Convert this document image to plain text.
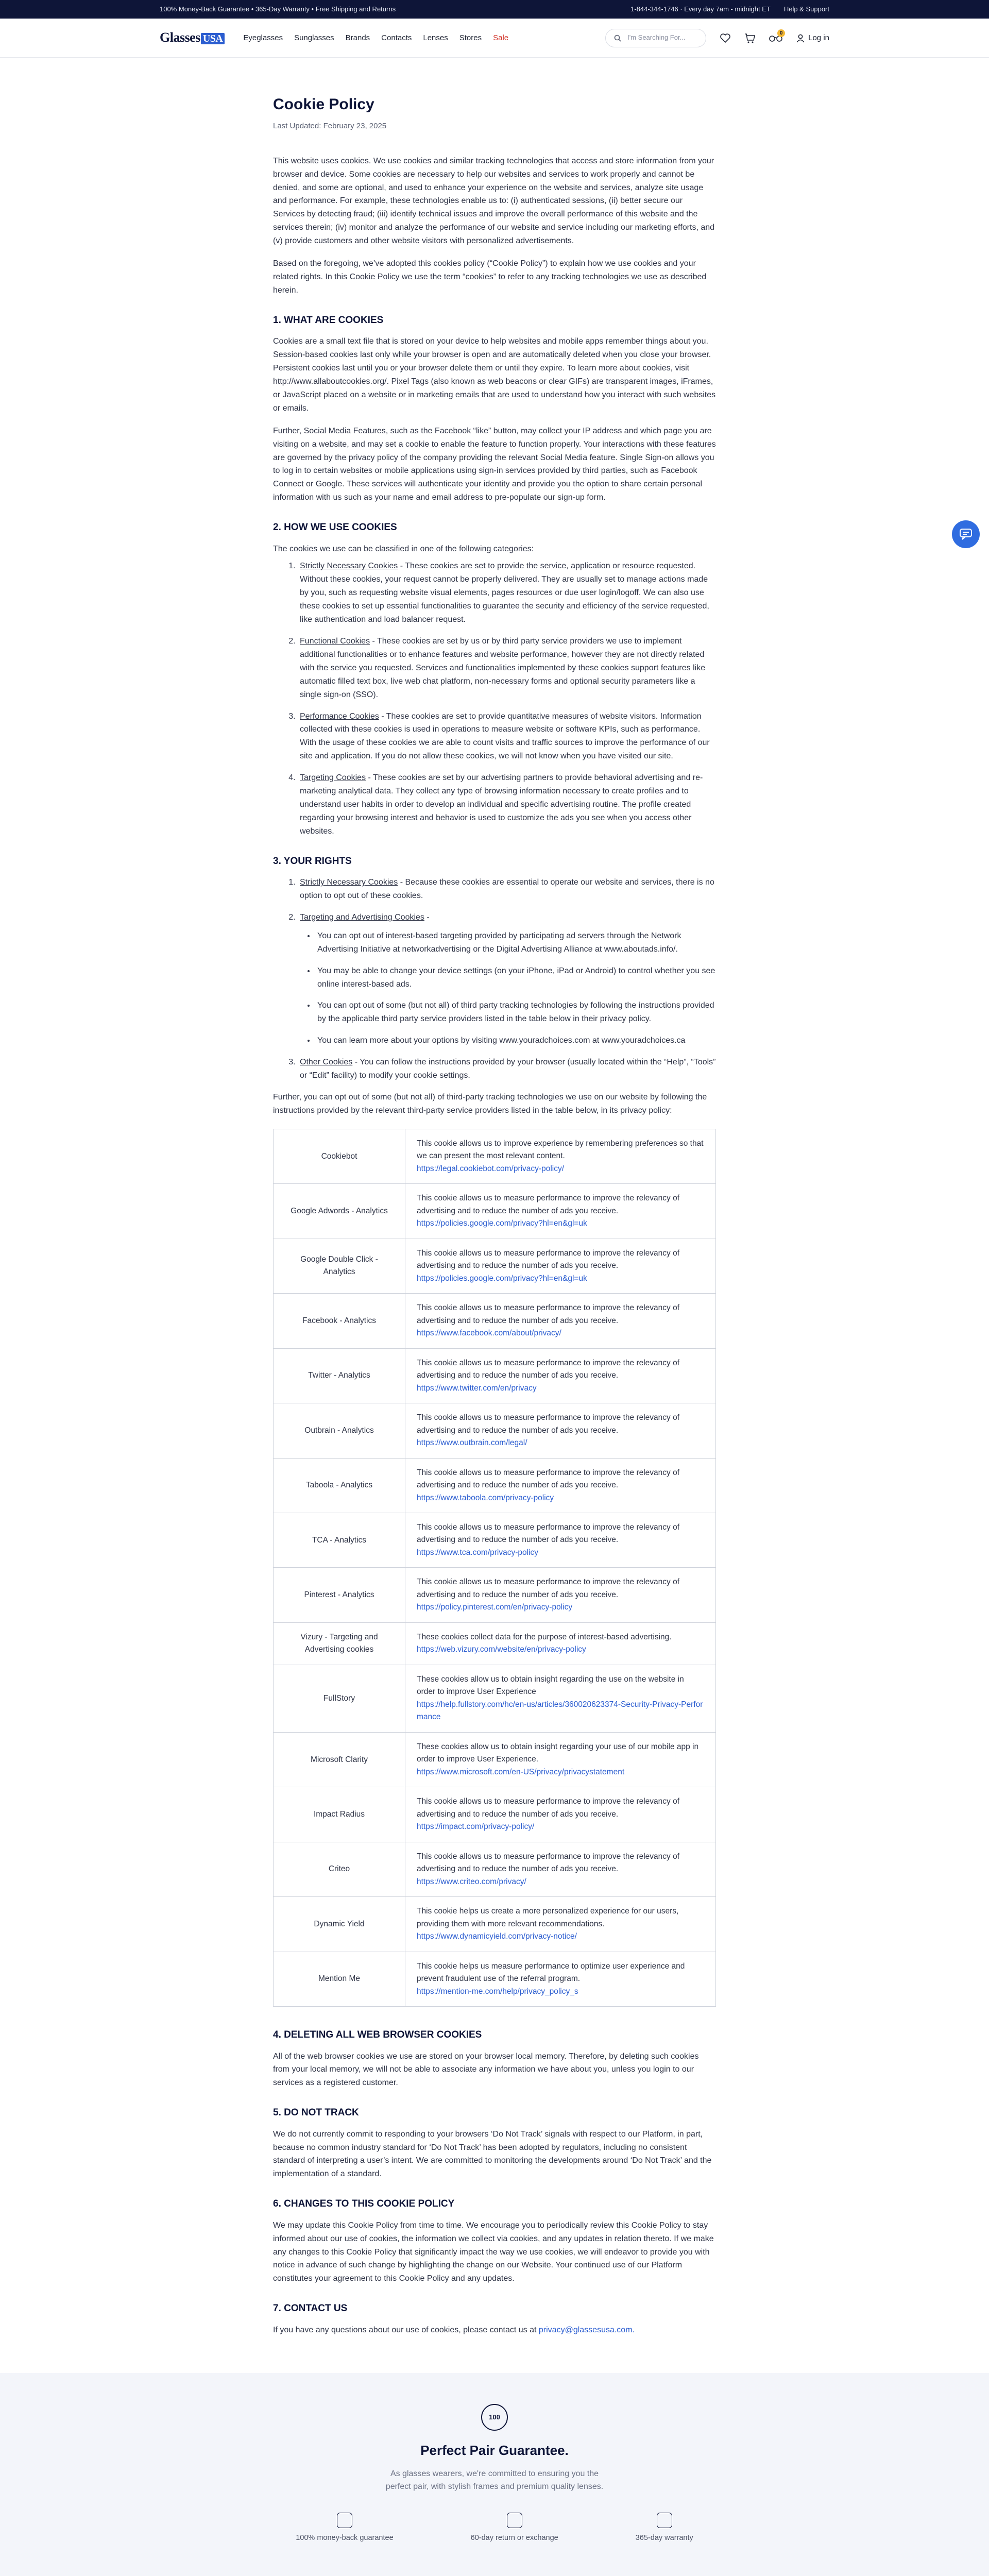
100% Money-Back Guarantee • 365-Day Warranty • Free Shipping and Returns	1-844-344-1746 · Every day 7am - midnight ET Help & Support
Glasses USA	Eyeglasses Sunglasses Brands Contacts Lenses Stores Sale	I'm Searching For...
0
Log in
Cookie Policy
Last Updated: February 23, 2025

This website uses cookies. We use cookies and similar tracking technologies that access and store information from your browser and device. Some cookies are necessary to help our websites and services to work properly and cannot be denied, and some are optional, and used to enhance your experience on the website and services, analyze site usage and performance. For example, these technologies enable us to: (i) authenticated sessions, (ii) better secure our Services by detecting fraud; (iii) identify technical issues and improve the overall performance of this website and the services therein; (iv) monitor and analyze the performance of our website and service including our marketing efforts, and (v) provide customers and other website visitors with personalized advertisements.

Based on the foregoing, we’ve adopted this cookies policy (“Cookie Policy”) to explain how we use cookies and your related rights. In this Cookie Policy we use the term “cookies” to refer to any tracking technologies we use as described herein.

1. WHAT ARE COOKIES

Cookies are a small text file that is stored on your device to help websites and mobile apps remember things about you. Session-based cookies last only while your browser is open and are automatically deleted when you close your browser. Persistent cookies last until you or your browser delete them or until they expire. To learn more about cookies, visit http://www.allaboutcookies.org/. Pixel Tags (also known as web beacons or clear GIFs) are transparent images, iFrames, or JavaScript placed on a website or in marketing emails that are used to understand how you interact with such websites or emails.

Further, Social Media Features, such as the Facebook “like” button, may collect your IP address and which page you are visiting on a website, and may set a cookie to enable the feature to function properly. Your interactions with these features are governed by the privacy policy of the company providing the relevant Social Media feature. Single Sign-on allows you to log in to certain websites or mobile applications using sign-in services provided by third parties, such as Facebook Connect or Google. These services will authenticate your identity and provide you the option to share certain personal information with us such as your name and email address to pre-populate our sign-up form.

2. HOW WE USE COOKIES

The cookies we use can be classified in one of the following categories:

1. Strictly Necessary Cookies - These cookies are set to provide the service, application or resource requested. Without these cookies, your request cannot be properly delivered. They are usually set to manage actions made by you, such as requesting website visual elements, pages resources or due user login/logoff. We can also use these cookies to set up essential functionalities to guarantee the security and efficiency of the service requested, like authentication and load balancer request.
2. Functional Cookies - These cookies are set by us or by third party service providers we use to implement additional functionalities or to enhance features and website performance, however they are not directly related with the service you requested. Services and functionalities implemented by these cookies support features like automatic filled text box, live web chat platform, non-necessary forms and optional security parameters like a single sign-on (SSO).
3. Performance Cookies - These cookies are set to provide quantitative measures of website visitors. Information collected with these cookies is used in operations to measure website or software KPIs, such as performance. With the usage of these cookies we are able to count visits and traffic sources to improve the performance of our site and application. If you do not allow these cookies, we will not know when you have visited our site.
4. Targeting Cookies - These cookies are set by our advertising partners to provide behavioral advertising and re-marketing analytical data. They collect any type of browsing information necessary to create profiles and to understand user habits in order to develop an individual and specific advertising routine. The profile created regarding your browsing interest and behavior is used to customize the ads you see when you access other websites.
3. YOUR RIGHTS
1. Strictly Necessary Cookies - Because these cookies are essential to operate our website and services, there is no option to opt out of these cookies.
2. Targeting and Advertising Cookies -
• You can opt out of interest-based targeting provided by participating ad servers through the Network Advertising Initiative at networkadvertising or the Digital Advertising Alliance at www.aboutads.info/.
• You may be able to change your device settings (on your iPhone, iPad or Android) to control whether you see online interest-based ads.
• You can opt out of some (but not all) of third party tracking technologies by following the instructions provided by the applicable third party service providers listed in the table below in their privacy policy.
• You can learn more about your options by visiting www.youradchoices.com at www.youradchoices.ca
3. Other Cookies - You can follow the instructions provided by your browser (usually located within the “Help”, “Tools” or “Edit” facility) to modify your cookie settings.

Further, you can opt out of some (but not all) of third-party tracking technologies we use on our website by following the instructions provided by the relevant third-party service providers listed in the table below, in its privacy policy:

Cookiebot	This cookie allows us to improve experience by remembering preferences so that we can present the most relevant content.
https://legal.cookiebot.com/privacy-policy/

Google Adwords - Analytics	This cookie allows us to measure performance to improve the relevancy of advertising and to reduce the number of ads you receive.
https://policies.google.com/privacy?hl=en&gl=uk

Google Double Click - Analytics	This cookie allows us to measure performance to improve the relevancy of advertising and to reduce the number of ads you receive.
https://policies.google.com/privacy?hl=en&gl=uk

Facebook - Analytics	This cookie allows us to measure performance to improve the relevancy of advertising and to reduce the number of ads you receive.
https://www.facebook.com/about/privacy/

Twitter - Analytics	This cookie allows us to measure performance to improve the relevancy of advertising and to reduce the number of ads you receive.
https://www.twitter.com/en/privacy

Outbrain - Analytics	This cookie allows us to measure performance to improve the relevancy of advertising and to reduce the number of ads you receive.
https://www.outbrain.com/legal/

Taboola - Analytics	This cookie allows us to measure performance to improve the relevancy of advertising and to reduce the number of ads you receive.
https://www.taboola.com/privacy-policy

TCA - Analytics	This cookie allows us to measure performance to improve the relevancy of advertising and to reduce the number of ads you receive.
https://www.tca.com/privacy-policy

Pinterest - Analytics	This cookie allows us to measure performance to improve the relevancy of advertising and to reduce the number of ads you receive.
https://policy.pinterest.com/en/privacy-policy

Vizury - Targeting and Advertising cookies	These cookies collect data for the purpose of interest-based advertising.
https://web.vizury.com/website/en/privacy-policy

FullStory	These cookies allow us to obtain insight regarding the use on the website in order to improve User Experience
https://help.fullstory.com/hc/en-us/articles/360020623374-Security-Privacy-Performance

Microsoft Clarity	These cookies allow us to obtain insight regarding your use of our mobile app in order to improve User Experience.
https://www.microsoft.com/en-US/privacy/privacystatement

Impact Radius	This cookie allows us to measure performance to improve the relevancy of advertising and to reduce the number of ads you receive.
https://impact.com/privacy-policy/

Criteo	This cookie allows us to measure performance to improve the relevancy of advertising and to reduce the number of ads you receive.
https://www.criteo.com/privacy/

Dynamic Yield	This cookie helps us create a more personalized experience for our users, providing them with more relevant recommendations.
https://www.dynamicyield.com/privacy-notice/

Mention Me	This cookie helps us measure performance to optimize user experience and prevent fraudulent use of the referral program.
https://mention-me.com/help/privacy_policy_s
4. DELETING ALL WEB BROWSER COOKIES

All of the web browser cookies we use are stored on your browser local memory. Therefore, by deleting such cookies from your local memory, we will not be able to associate any information we have about you, unless you login to our services as a registered customer.

5. DO NOT TRACK

We do not currently commit to responding to your browsers ‘Do Not Track’ signals with respect to our Platform, in part, because no common industry standard for ‘Do Not Track’ has been adopted by regulators, including no consistent standard of interpreting a user’s intent. We are committed to monitoring the developments around ‘Do Not Track’ and the implementation of a standard.

6. CHANGES TO THIS COOKIE POLICY

We may update this Cookie Policy from time to time. We encourage you to periodically review this Cookie Policy to stay informed about our use of cookies, the information we collect via cookies, and any updates in relation thereto. If we make any changes to this Cookie Policy that significantly impact the way we use cookies, we will endeavor to provide you with notice in advance of such change by highlighting the change on our Website. Your continued use of our Platform constitutes your agreement to this Cookie Policy and any updates.

7. CONTACT US

If you have any questions about our use of cookies, please contact us at privacy@glassesusa.com.

100
Perfect Pair Guarantee.
As glasses wearers, we're committed to ensuring you the perfect pair, with stylish frames and premium quality lenses.
100% money-back guarantee	60-day return or exchange	365-day warranty
